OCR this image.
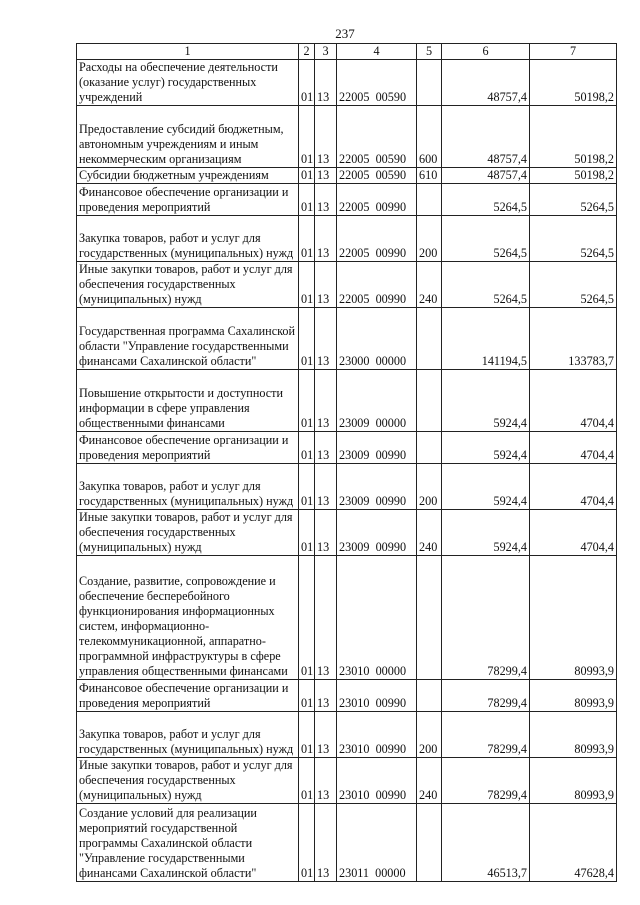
237
1	2	3	4	5	6	7
Расходы на обеспечение деятельности (оказание услуг) государственных учреждений	01	13	22005  00590		48757,4	50198,2
Предоставление субсидий бюджетным, автономным учреждениям и иным некоммерческим организациям	01	13	22005  00590	600	48757,4	50198,2
Субсидии бюджетным учреждениям	01	13	22005  00590	610	48757,4	50198,2
Финансовое обеспечение организации и проведения мероприятий	01	13	22005  00990		5264,5	5264,5
Закупка товаров, работ и услуг для государственных (муниципальных) нужд	01	13	22005  00990	200	5264,5	5264,5
Иные закупки товаров, работ и услуг для обеспечения государственных (муниципальных) нужд	01	13	22005  00990	240	5264,5	5264,5
Государственная программа Сахалинской области "Управление государственными финансами Сахалинской области"	01	13	23000  00000		141194,5	133783,7
Повышение открытости и доступности информации в сфере управления общественными финансами	01	13	23009  00000		5924,4	4704,4
Финансовое обеспечение организации и проведения мероприятий	01	13	23009  00990		5924,4	4704,4
Закупка товаров, работ и услуг для государственных (муниципальных) нужд	01	13	23009  00990	200	5924,4	4704,4
Иные закупки товаров, работ и услуг для обеспечения государственных (муниципальных) нужд	01	13	23009  00990	240	5924,4	4704,4
Создание, развитие, сопровождение и обеспечение бесперебойного функционирования информационных систем, информационно-телекоммуникационной, аппаратно-программной инфраструктуры в сфере управления общественными финансами	01	13	23010  00000		78299,4	80993,9
Финансовое обеспечение организации и проведения мероприятий	01	13	23010  00990		78299,4	80993,9
Закупка товаров, работ и услуг для государственных (муниципальных) нужд	01	13	23010  00990	200	78299,4	80993,9
Иные закупки товаров, работ и услуг для обеспечения государственных (муниципальных) нужд	01	13	23010  00990	240	78299,4	80993,9
Создание условий для реализации мероприятий государственной программы Сахалинской области "Управление государственными финансами Сахалинской области"	01	13	23011  00000		46513,7	47628,4
